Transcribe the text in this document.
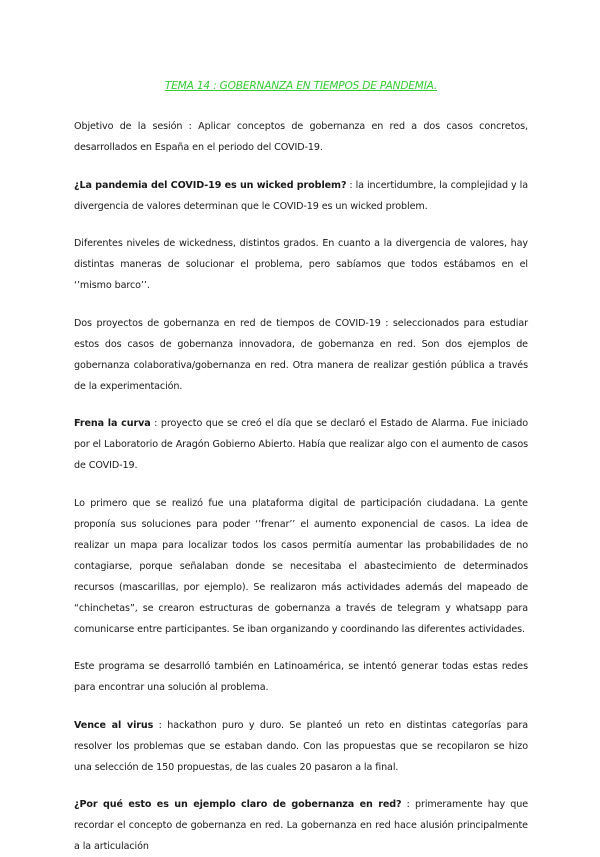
TEMA 14 : GOBERNANZA EN TIEMPOS DE PANDEMIA.

Objetivo de la sesión : Aplicar conceptos de gobernanza en red a dos casos concretos, desarrollados en España en el periodo del COVID-19.

¿La pandemia del COVID-19 es un wicked problem? : la incertidumbre, la complejidad y la divergencia de valores determinan que le COVID-19 es un wicked problem.

Diferentes niveles de wickedness, distintos grados. En cuanto a la divergencia de valores, hay distintas maneras de solucionar el problema, pero sabíamos que todos estábamos en el ‘’mismo barco’’.

Dos proyectos de gobernanza en red de tiempos de COVID-19 : seleccionados para estudiar estos dos casos de gobernanza innovadora, de gobernanza en red. Son dos ejemplos de gobernanza colaborativa/gobernanza en red. Otra manera de realizar gestión pública a través de la experimentación.

Frena la curva : proyecto que se creó el día que se declaró el Estado de Alarma. Fue iniciado por el Laboratorio de Aragón Gobierno Abierto. Había que realizar algo con el aumento de casos de COVID-19.

Lo primero que se realizó fue una plataforma digital de participación ciudadana. La gente proponía sus soluciones para poder ‘’frenar’’ el aumento exponencial de casos. La idea de realizar un mapa para localizar todos los casos permitía aumentar las probabilidades de no contagiarse, porque señalaban donde se necesitaba el abastecimiento de determinados recursos (mascarillas, por ejemplo). Se realizaron más actividades además del mapeado de “chinchetas”, se crearon estructuras de gobernanza a través de telegram y whatsapp para comunicarse entre participantes. Se iban organizando y coordinando las diferentes actividades.

Este programa se desarrolló también en Latinoamérica, se intentó generar todas estas redes para encontrar una solución al problema.

Vence al virus : hackathon puro y duro. Se planteó un reto en distintas categorías para resolver los problemas que se estaban dando. Con las propuestas que se recopilaron se hizo una selección de 150 propuestas, de las cuales 20 pasaron a la final.

¿Por qué esto es un ejemplo claro de gobernanza en red? : primeramente hay que recordar el concepto de gobernanza en red. La gobernanza en red hace alusión principalmente a la articulación
